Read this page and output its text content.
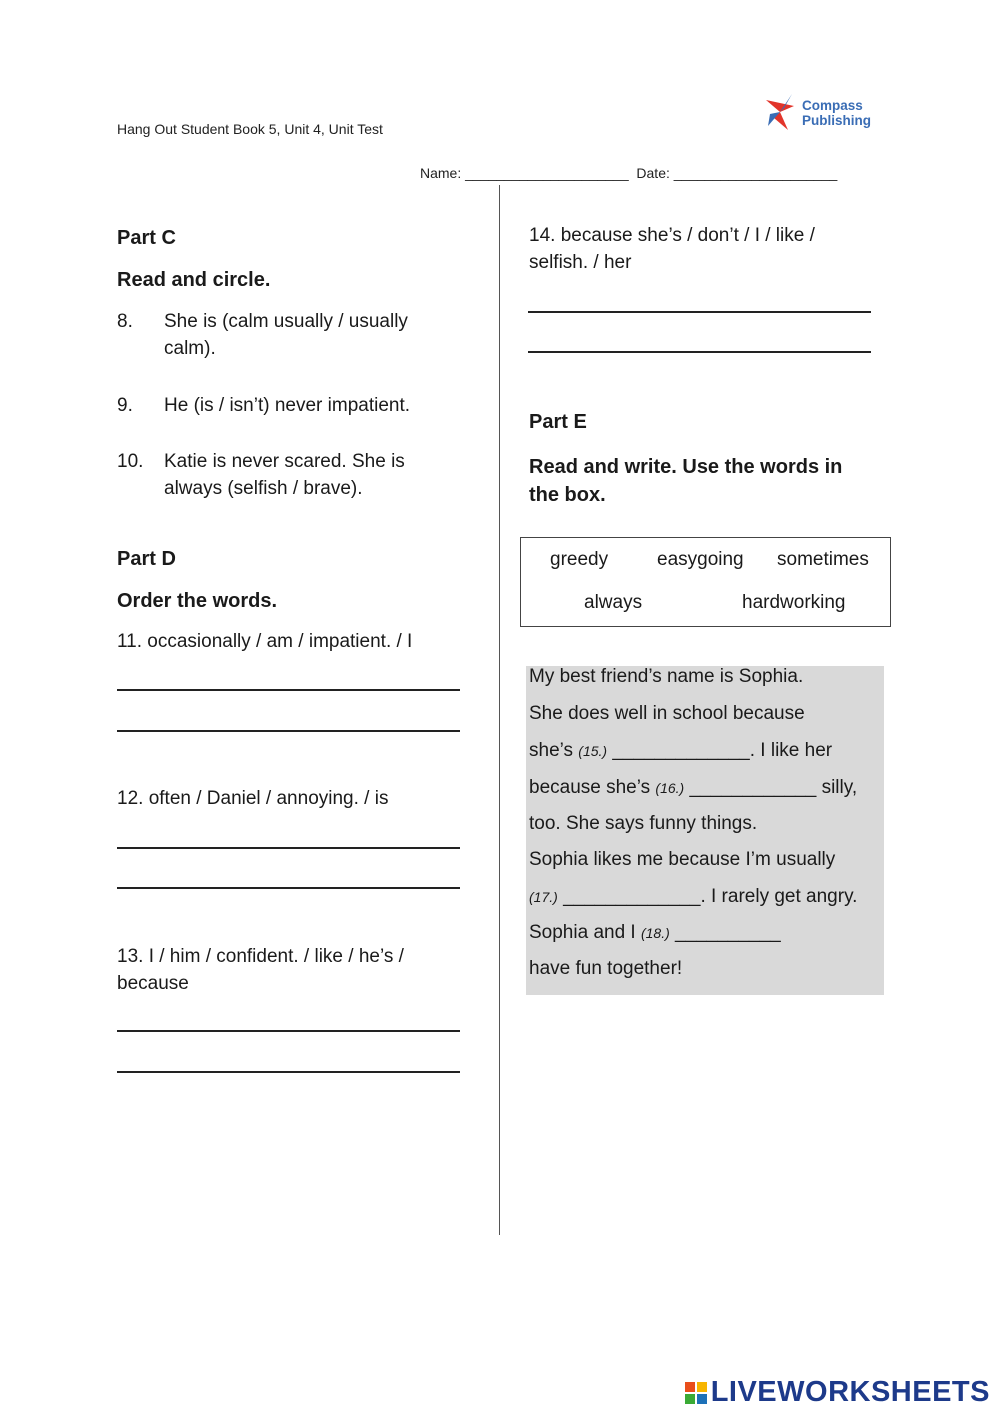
Hang Out Student Book 5, Unit 4, Unit Test
Compass
Publishing
Name: _____________________  Date: _____________________
Part C
Read and circle.
8. She is (calm usually / usually calm).
9. He (is / isn’t) never impatient.
10. Katie is never scared. She is always (selfish / brave).
Part D
Order the words.
11. occasionally / am / impatient. / I
12. often / Daniel / annoying. / is
13. I / him / confident. / like / he’s / because
14. because she’s / don’t / I / like / selfish. / her
Part E
Read and write. Use the words in the box.
greedy	easygoing sometimes
always	hardworking
My best friend’s name is Sophia.
She does well in school because
she’s (15.) _____________. I like her
because she’s (16.) ____________ silly,
too. She says funny things.
Sophia likes me because I’m usually
(17.) _____________. I rarely get angry.
Sophia and I (18.) __________
have fun together!
LIVEWORKSHEETS
